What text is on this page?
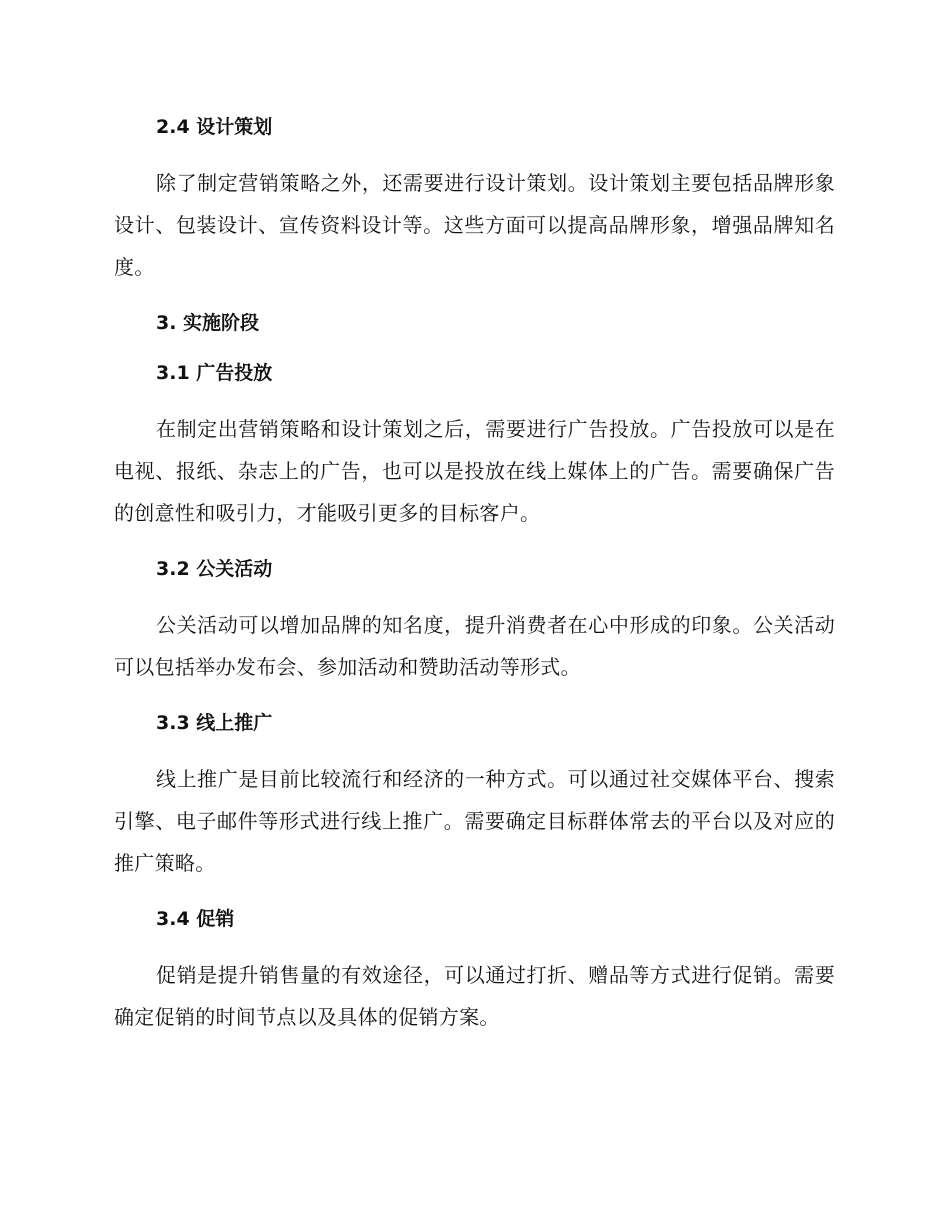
2.4 设计策划

除了制定营销策略之外，还需要进行设计策划。设计策划主要包括品牌形象设计、包装设计、宣传资料设计等。这些方面可以提高品牌形象，增强品牌知名度。

3. 实施阶段
3.1 广告投放

在制定出营销策略和设计策划之后，需要进行广告投放。广告投放可以是在电视、报纸、杂志上的广告，也可以是投放在线上媒体上的广告。需要确保广告的创意性和吸引力，才能吸引更多的目标客户。

3.2 公关活动

公关活动可以增加品牌的知名度，提升消费者在心中形成的印象。公关活动可以包括举办发布会、参加活动和赞助活动等形式。

3.3 线上推广

线上推广是目前比较流行和经济的一种方式。可以通过社交媒体平台、搜索引擎、电子邮件等形式进行线上推广。需要确定目标群体常去的平台以及对应的推广策略。

3.4 促销

促销是提升销售量的有效途径，可以通过打折、赠品等方式进行促销。需要确定促销的时间节点以及具体的促销方案。
